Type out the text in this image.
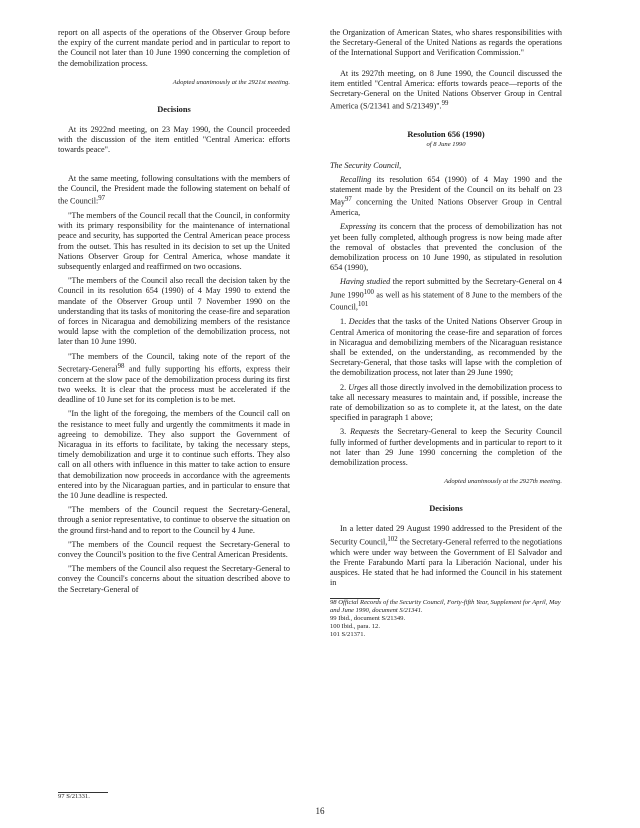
report on all aspects of the operations of the Observer Group before the expiry of the current mandate period and in particular to report to the Council not later than 10 June 1990 concerning the completion of the demobilization process.

Adopted unanimously at the 2921st meeting.

Decisions

At its 2922nd meeting, on 23 May 1990, the Council proceeded with the discussion of the item entitled "Central America: efforts towards peace".

At the same meeting, following consultations with the members of the Council, the President made the following statement on behalf of the Council:$^{97}$

"The members of the Council recall that the Council, in conformity with its primary responsibility for the maintenance of international peace and security, has supported the Central American peace process from the outset. This has resulted in its decision to set up the United Nations Observer Group for Central America, whose mandate it subsequently enlarged and reaffirmed on two occasions.

"The members of the Council also recall the decision taken by the Council in its resolution 654 (1990) of 4 May 1990 to extend the mandate of the Observer Group until 7 November 1990 on the understanding that its tasks of monitoring the cease-fire and separation of forces in Nicaragua and demobilizing members of the resistance would lapse with the completion of the demobilization process, not later than 10 June 1990.

"The members of the Council, taking note of the report of the Secretary-General$^{98}$ and fully supporting his efforts, express their concern at the slow pace of the demobilization process during its first two weeks. It is clear that the process must be accelerated if the deadline of 10 June set for its completion is to be met.

"In the light of the foregoing, the members of the Council call on the resistance to meet fully and urgently the commitments it made in agreeing to demobilize. They also support the Government of Nicaragua in its efforts to facilitate, by taking the necessary steps, timely demobilization and urge it to continue such efforts. They also call on all others with influence in this matter to take action to ensure that demobilization now proceeds in accordance with the agreements entered into by the Nicaraguan parties, and in particular to ensure that the 10 June deadline is respected.

"The members of the Council request the Secretary-General, through a senior representative, to continue to observe the situation on the ground first-hand and to report to the Council by 4 June.

"The members of the Council request the Secretary-General to convey the Council's position to the five Central American Presidents.

"The members of the Council also request the Secretary-General to convey the Council's concerns about the situation described above to the Secretary-General of

97 S/21331.

the Organization of American States, who shares responsibilities with the Secretary-General of the United Nations as regards the operations of the International Support and Verification Commission."

At its 2927th meeting, on 8 June 1990, the Council discussed the item entitled "Central America: efforts towards peace—reports of the Secretary-General on the United Nations Observer Group in Central America (S/21341 and S/21349)".$^{99}$

Resolution 656 (1990)

of 8 June 1990

The Security Council,

Recalling its resolution 654 (1990) of 4 May 1990 and the statement made by the President of the Council on its behalf on 23 May$^{97}$ concerning the United Nations Observer Group in Central America,

Expressing its concern that the process of demobilization has not yet been fully completed, although progress is now being made after the removal of obstacles that prevented the conclusion of the demobilization process on 10 June 1990, as stipulated in resolution 654 (1990),

Having studied the report submitted by the Secretary-General on 4 June 1990$^{100}$ as well as his statement of 8 June to the members of the Council,$^{101}$

1. Decides that the tasks of the United Nations Observer Group in Central America of monitoring the cease-fire and separation of forces in Nicaragua and demobilizing members of the Nicaraguan resistance shall be extended, on the understanding, as recommended by the Secretary-General, that those tasks will lapse with the completion of the demobilization process, not later than 29 June 1990;

2. Urges all those directly involved in the demobilization process to take all necessary measures to maintain and, if possible, increase the rate of demobilization so as to complete it, at the latest, on the date specified in paragraph 1 above;

3. Requests the Secretary-General to keep the Security Council fully informed of further developments and in particular to report to it not later than 29 June 1990 concerning the completion of the demobilization process.

Adopted unanimously at the 2927th meeting.

Decisions

In a letter dated 29 August 1990 addressed to the President of the Security Council,$^{102}$ the Secretary-General referred to the negotiations which were under way between the Government of El Salvador and the Frente Farabundo Martí para la Liberación Nacional, under his auspices. He stated that he had informed the Council in his statement in

98 Official Records of the Security Council, Forty-fifth Year, Supplement for April, May and June 1990, document S/21341.

99 Ibid., document S/21349.

100 Ibid., para. 12.

101 S/21371.

16
